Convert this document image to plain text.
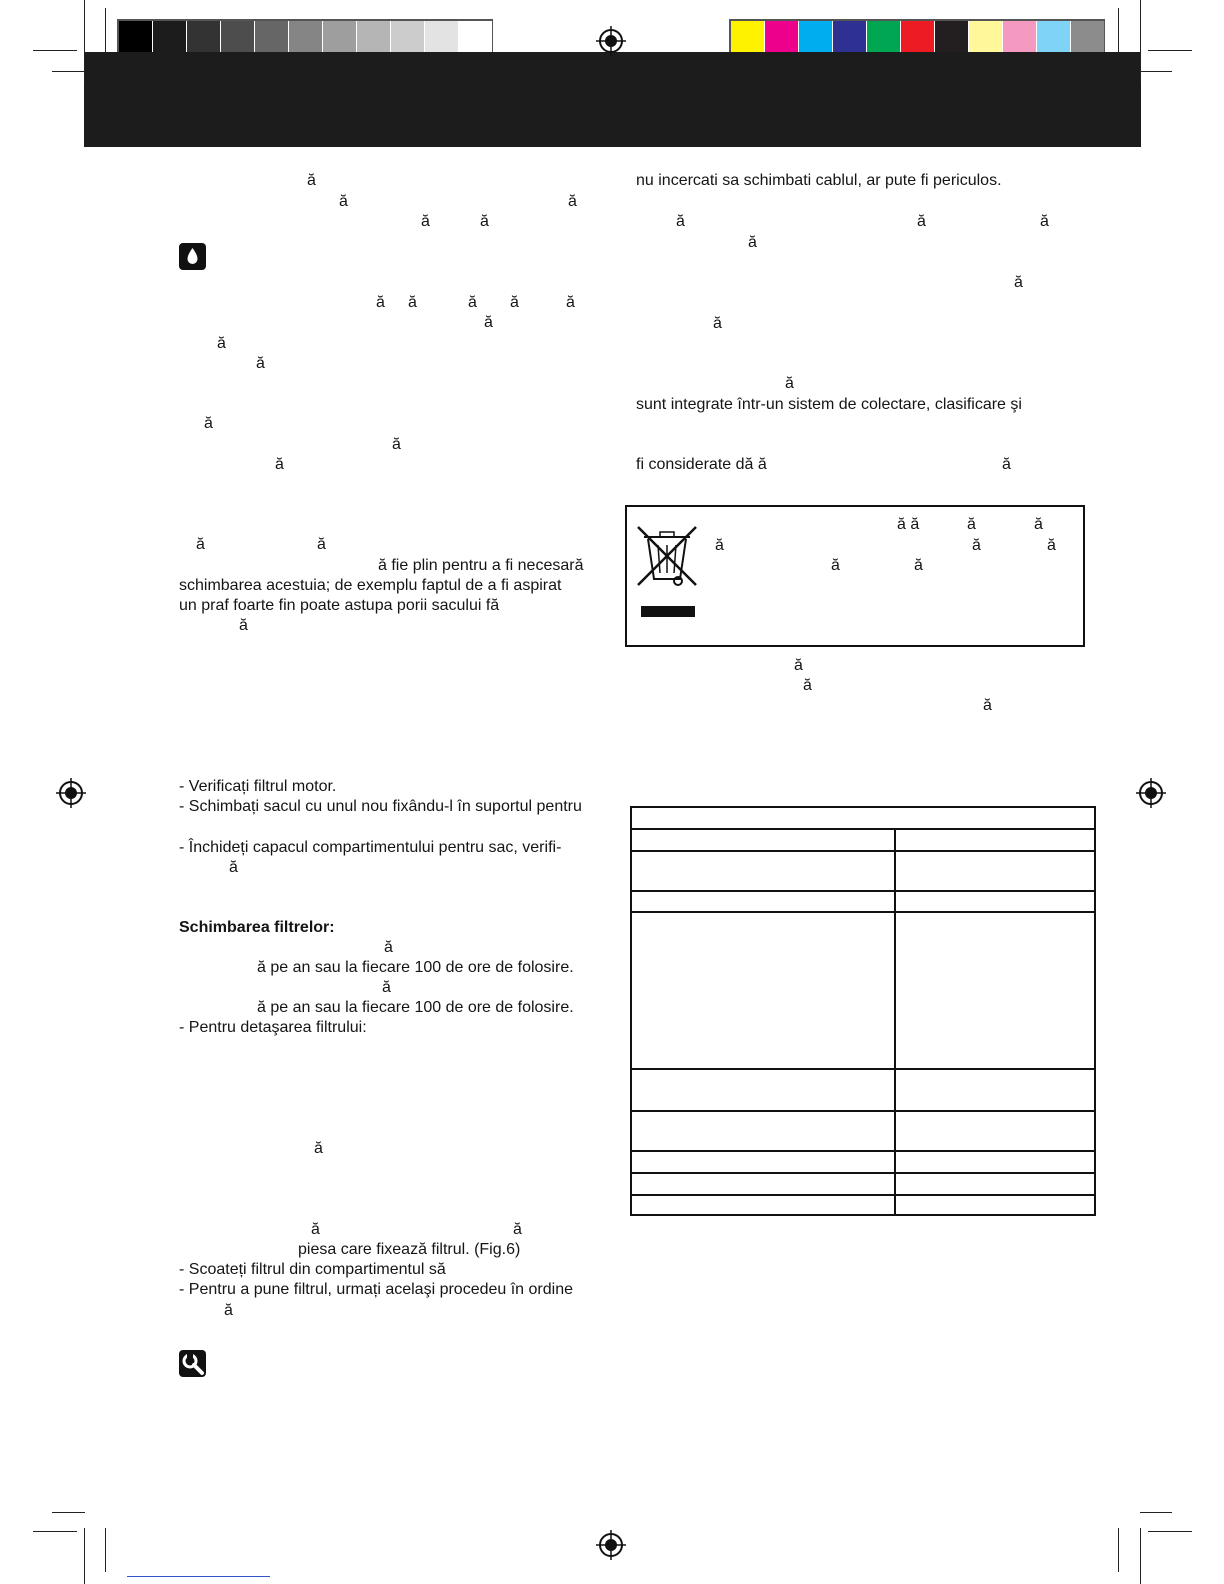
ă
ă	ă
ă	ă
ă ă	ă ă	ă
ă
ă
ă
ă
ă
ă
ă	ă
ă fie plin pentru a fi necesară
schimbarea acestuia; de exemplu faptul de a fi aspirat
un praf foarte fin poate astupa porii sacului fă
ă
- Verificați filtrul motor.
- Schimbați sacul cu unul nou fixându-l în suportul pentru
- Închideți capacul compartimentului pentru sac, verifi-
ă
Schimbarea filtrelor:
ă
ă pe an sau la fiecare 100 de ore de folosire.
ă
ă pe an sau la fiecare 100 de ore de folosire.
- Pentru detaşarea filtrului:
ă
ă	ă
piesa care fixează filtrul. (Fig.6)
- Scoateți filtrul din compartimentul să
- Pentru a pune filtrul, urmați acelaşi procedeu în ordine
ă
nu incercati sa schimbati cablul, ar pute fi periculos.
ă	ă	ă
ă
ă
ă
ă
sunt integrate într-un sistem de colectare, clasificare şi
fi considerate dă ă	ă
ă ă	ă	ă
ă	ă	ă
ă	ă
ă
ă
ă
